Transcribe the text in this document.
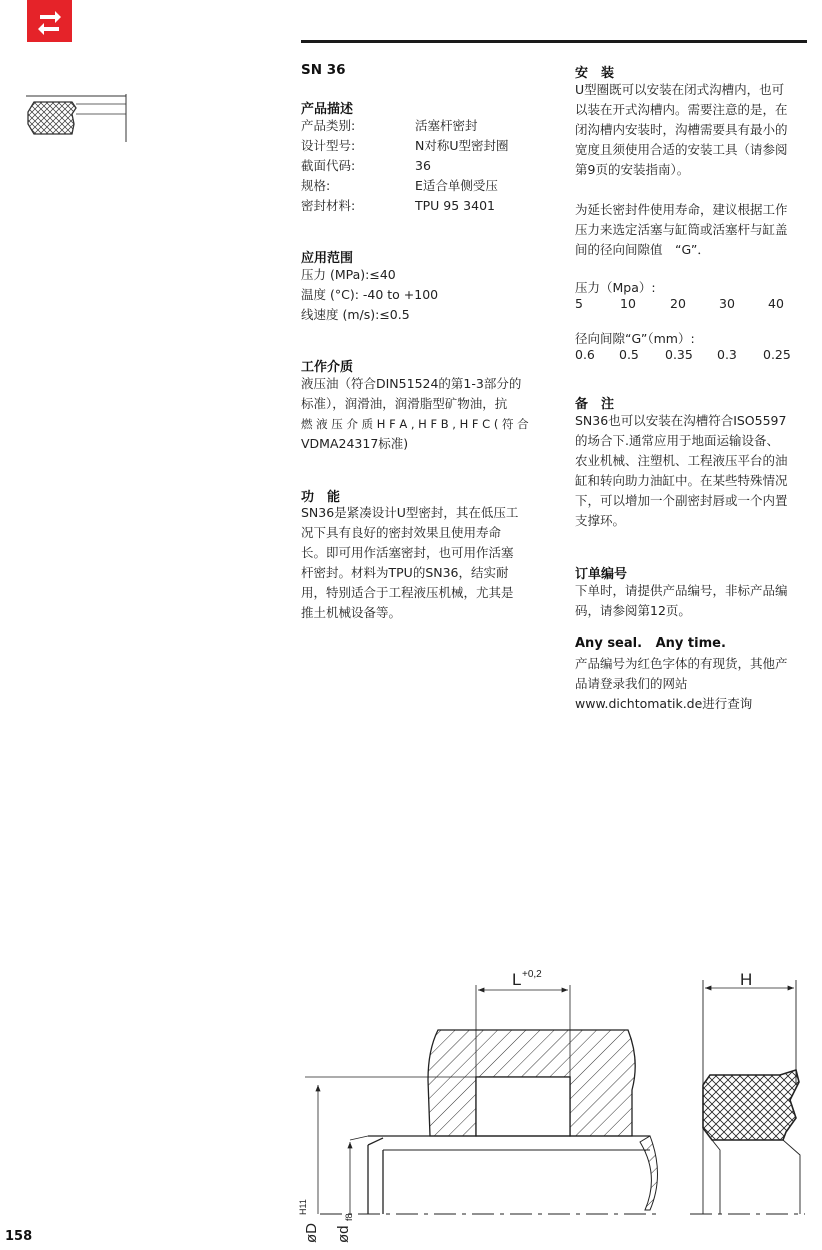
SN 36
产品描述
产品类别:	活塞杆密封
设计型号:	N对称U型密封圈
截面代码:	36
规格:	E适合单侧受压
密封材料:	TPU 95 3401
应用范围
压力 (MPa):≤40
温度 (°C): -40 to +100
线速度 (m/s):≤0.5
工作介质
液压油（符合DIN51524的第1-3部分的
标准），润滑油，润滑脂型矿物油，抗
燃 液 压 介 质 H F A , H F B , H F C ( 符 合
VDMA24317标准)
功　能
SN36是紧凑设计U型密封，其在低压工
况下具有良好的密封效果且使用寿命
长。即可用作活塞密封，也可用作活塞
杆密封。材料为TPU的SN36，结实耐
用，特别适合于工程液压机械，尤其是
推土机械设备等。
安　装
U型圈既可以安装在闭式沟槽内，也可
以装在开式沟槽内。需要注意的是，在
闭沟槽内安装时，沟槽需要具有最小的
宽度且须使用合适的安装工具（请参阅
第9页的安装指南）。
为延长密封件使用寿命，建议根据工作
压力来选定活塞与缸筒或活塞杆与缸盖
间的径向间隙值　“G”．
压力（Mpa）:
5	10	20	30	40
径向间隙“G”（mm）:
0.6 0.5 0.35 0.3 0.25
备　注
SN36也可以安装在沟槽符合ISO5597
的场合下.通常应用于地面运输设备、
农业机械、注塑机、工程液压平台的油
缸和转向助力油缸中。在某些特殊情况
下，可以增加一个副密封唇或一个内置
支撑环。
订单编号
下单时，请提供产品编号，非标产品编
码，请参阅第12页。
Any seal.   Any time.
产品编号为红色字体的有现货，其他产
品请登录我们的网站
www.dichtomatik.de进行查询
158
L +0,2
øD
H11
ød
f8
H
